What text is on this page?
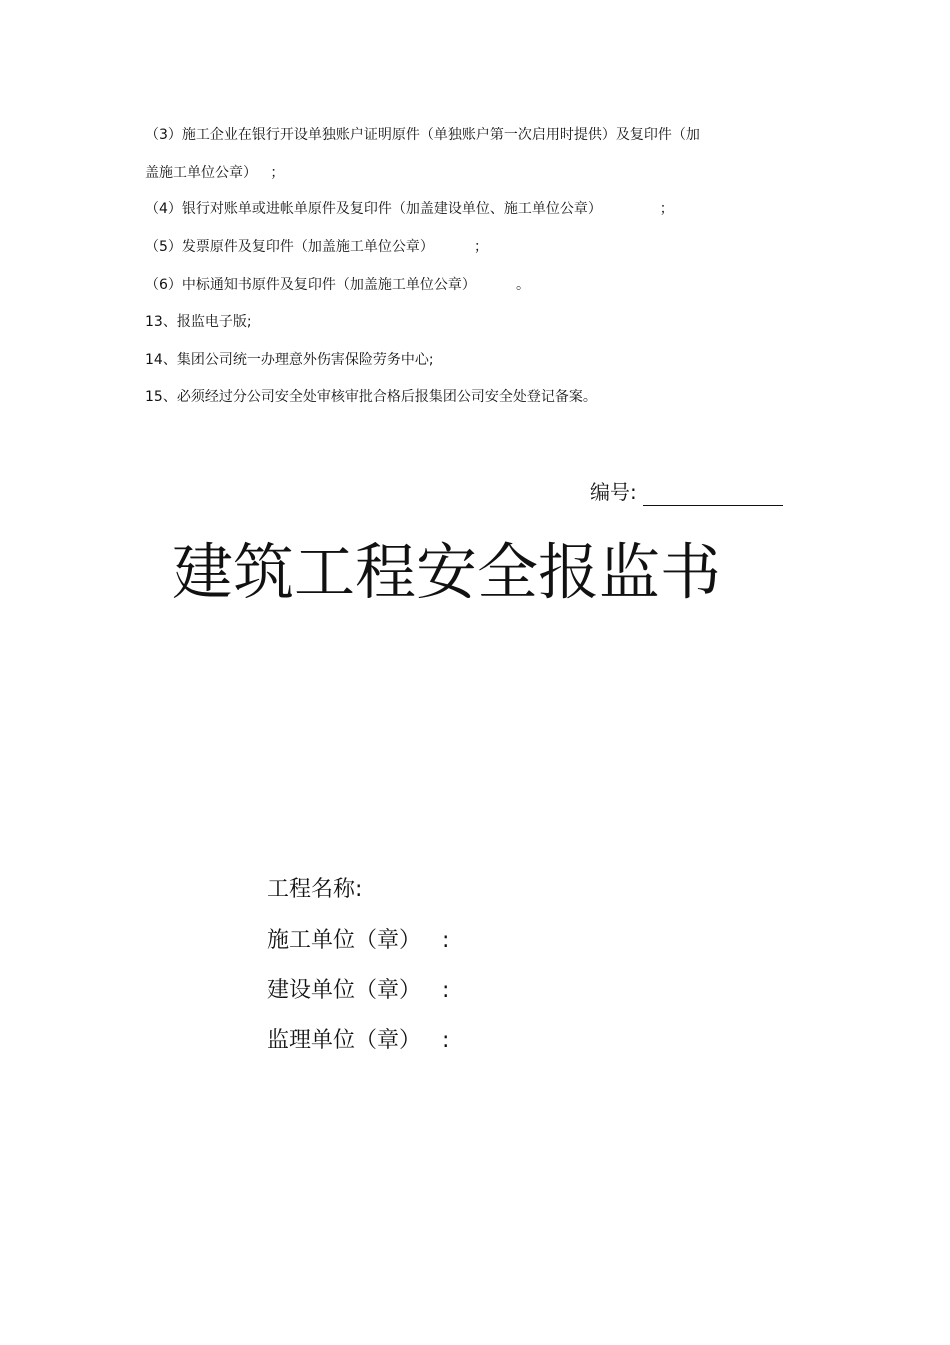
（3）施工企业在银行开设单独账户证明原件（单独账户第一次启用时提供）及复印件（加
盖施工单位公章）   ；
（4）银行对账单或进帐单原件及复印件（加盖建设单位、施工单位公章）             ；
（5）发票原件及复印件（加盖施工单位公章）         ；
（6）中标通知书原件及复印件（加盖施工单位公章）         。
13、报监电子版;
14、集团公司统一办理意外伤害保险劳务中心;
15、必须经过分公司安全处审核审批合格后报集团公司安全处登记备案。
编号:
建筑工程安全报监书
工程名称:
施工单位（章）   :
建设单位（章）   :
监理单位（章）   :
